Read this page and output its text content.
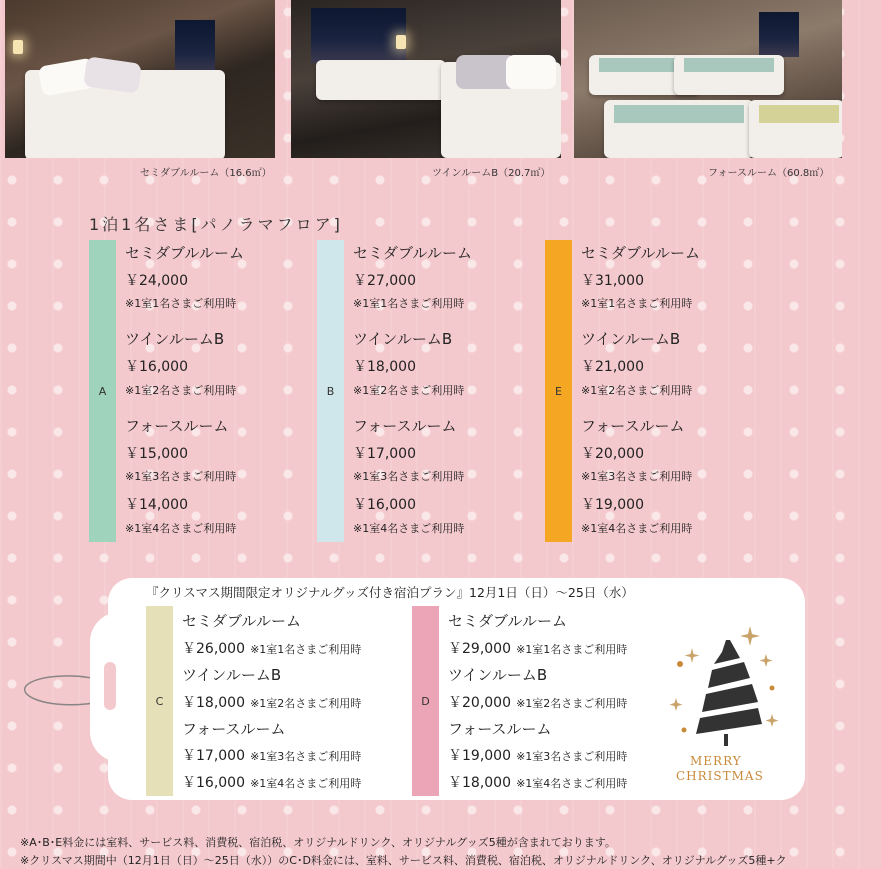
セミダブルルーム（16.6㎡）	ツインルームB（20.7㎡）	フォースルーム（60.8㎡）
1泊1名さま[パノラマフロア]
A
セミダブルルーム
￥24,000
※1室1名さまご利用時
ツインルームB
￥16,000
※1室2名さまご利用時
フォースルーム
￥15,000
※1室3名さまご利用時
￥14,000
※1室4名さまご利用時
B
セミダブルルーム
￥27,000
※1室1名さまご利用時
ツインルームB
￥18,000
※1室2名さまご利用時
フォースルーム
￥17,000
※1室3名さまご利用時
￥16,000
※1室4名さまご利用時
E
セミダブルルーム
￥31,000
※1室1名さまご利用時
ツインルームB
￥21,000
※1室2名さまご利用時
フォースルーム
￥20,000
※1室3名さまご利用時
￥19,000
※1室4名さまご利用時
『クリスマス期間限定オリジナルグッズ付き宿泊プラン』12月1日（日）～25日（水）
C
セミダブルルーム
￥26,000 ※1室1名さまご利用時
ツインルームB
￥18,000 ※1室2名さまご利用時
フォースルーム
￥17,000 ※1室3名さまご利用時
￥16,000 ※1室4名さまご利用時
D
セミダブルルーム
￥29,000 ※1室1名さまご利用時
ツインルームB
￥20,000 ※1室2名さまご利用時
フォースルーム
￥19,000 ※1室3名さまご利用時
￥18,000 ※1室4名さまご利用時
MERRY
CHRISTMAS
※A･B･E料金には室料、サービス料、消費税、宿泊税、オリジナルドリンク、オリジナルグッズ5種が含まれております。
※クリスマス期間中（12月1日（日）～25日（水））のC･D料金には、室料、サービス料、消費税、宿泊税、オリジナルドリンク、オリジナルグッズ5種+ク
